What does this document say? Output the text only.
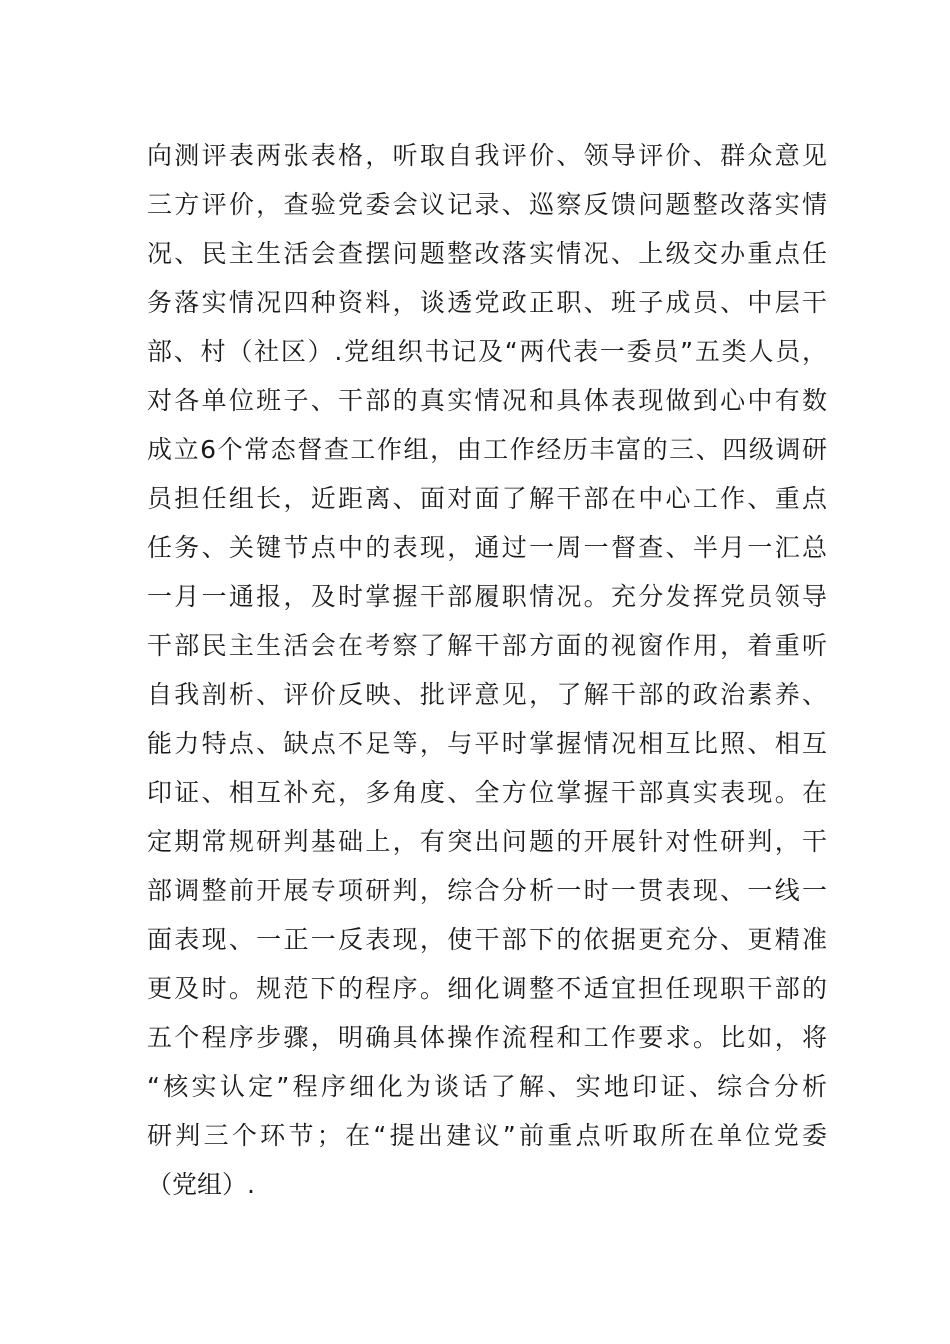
向测评表两张表格，听取自我评价、领导评价、群众意见
三方评价，查验党委会议记录、巡察反馈问题整改落实情
况、民主生活会查摆问题整改落实情况、上级交办重点任
务落实情况四种资料，谈透党政正职、班子成员、中层干
部、村（社区）.党组织书记及“两代表一委员”五类人员，
对各单位班子、干部的真实情况和具体表现做到心中有数
成立6个常态督查工作组，由工作经历丰富的三、四级调研
员担任组长，近距离、面对面了解干部在中心工作、重点
任务、关键节点中的表现，通过一周一督查、半月一汇总
一月一通报，及时掌握干部履职情况。充分发挥党员领导
干部民主生活会在考察了解干部方面的视窗作用，着重听
自我剖析、评价反映、批评意见，了解干部的政治素养、
能力特点、缺点不足等，与平时掌握情况相互比照、相互
印证、相互补充，多角度、全方位掌握干部真实表现。在
定期常规研判基础上，有突出问题的开展针对性研判，干
部调整前开展专项研判，综合分析一时一贯表现、一线一
面表现、一正一反表现，使干部下的依据更充分、更精准
更及时。规范下的程序。细化调整不适宜担任现职干部的
五个程序步骤，明确具体操作流程和工作要求。比如，将
“核实认定”程序细化为谈话了解、实地印证、综合分析
研判三个环节；在“提出建议”前重点听取所在单位党委
（党组）.
